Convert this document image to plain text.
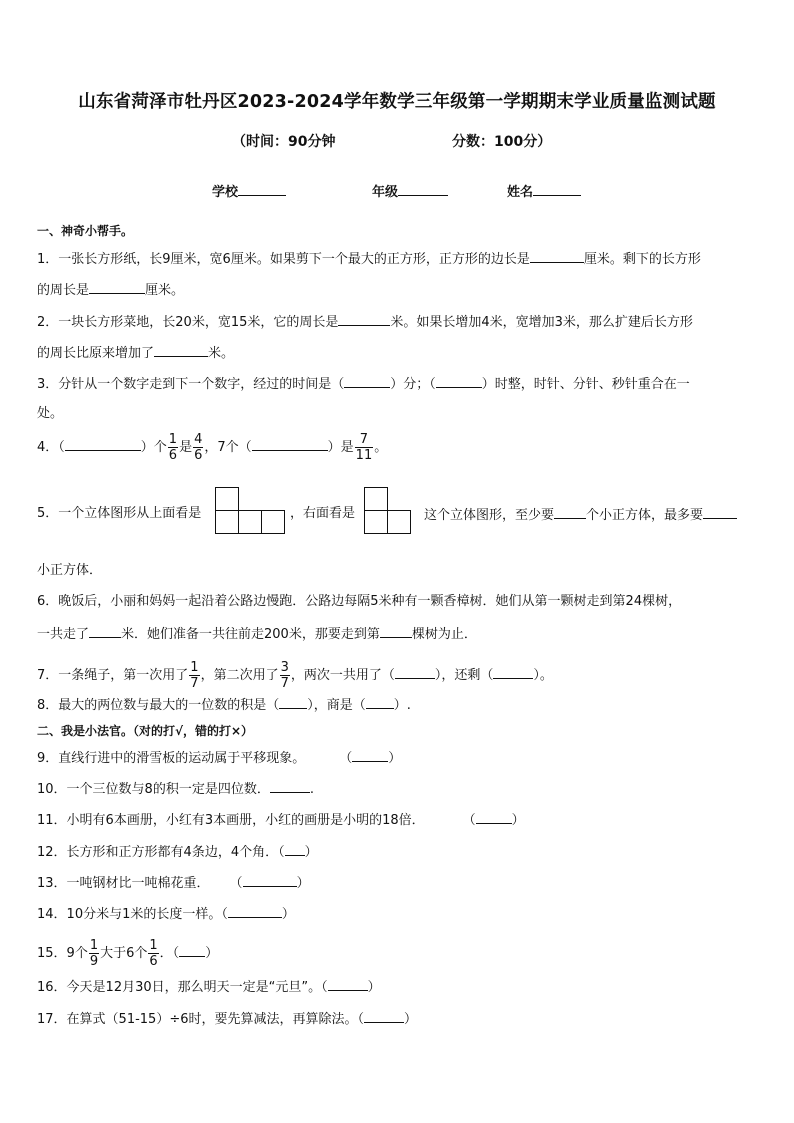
山东省菏泽市牡丹区2023-2024学年数学三年级第一学期期末学业质量监测试题
（时间：90分钟	分数：100分）
学校	年级	姓名
一、神奇小帮手。
1．一张长方形纸，长9厘米，宽6厘米。如果剪下一个最大的正方形，正方形的边长是	厘米。剩下的长方形
的周长是	厘米。
2．一块长方形菜地，长20米，宽15米，它的周长是	米。如果长增加4米，宽增加3米，那么扩建后长方形
的周长比原来增加了	米。
3．分针从一个数字走到下一个数字，经过的时间是（	）分；（	）时整，时针、分针、秒针重合在一
处。
4．（	）个 $\frac{1}{6}$ 是 $\frac{4}{6}$ ，7个（	）是 $\frac{7}{11}$ 。
5．一个立体图形从上面看是	，右面看是	这个立体图形，至少要 个小正方体，最多要
小正方体．
6．晚饭后，小丽和妈妈一起沿着公路边慢跑．公路边每隔5米种有一颗香樟树．她们从第一颗树走到第24棵树，
一共走了 米．她们准备一共往前走200米，那要走到第 棵树为止．
7．一条绳子，第一次用了 $\frac{1}{7}$ ，第二次用了 $\frac{3}{7}$ ，两次一共用了（	），还剩（	）。
8．最大的两位数与最大的一位数的积是（ ），商是（ ）.
二、我是小法官。（对的打√，错的打×）
9．直线行进中的滑雪板的运动属于平移现象。	（	）
10．一个三位数与8的积一定是四位数．	.
11．小明有6本画册，小红有3本画册，小红的画册是小明的18倍．	（	）
12．长方形和正方形都有4条边，4个角．（ ）
13．一吨钢材比一吨棉花重． （	）
14．10分米与1米的长度一样。（	）
15．9个 $\frac{1}{9}$ 大于6个 $\frac{1}{6}$ ．（ ）
16．今天是12月30日，那么明天一定是“元旦”。（	）
17．在算式（51-15）÷6时，要先算减法，再算除法。（	）
